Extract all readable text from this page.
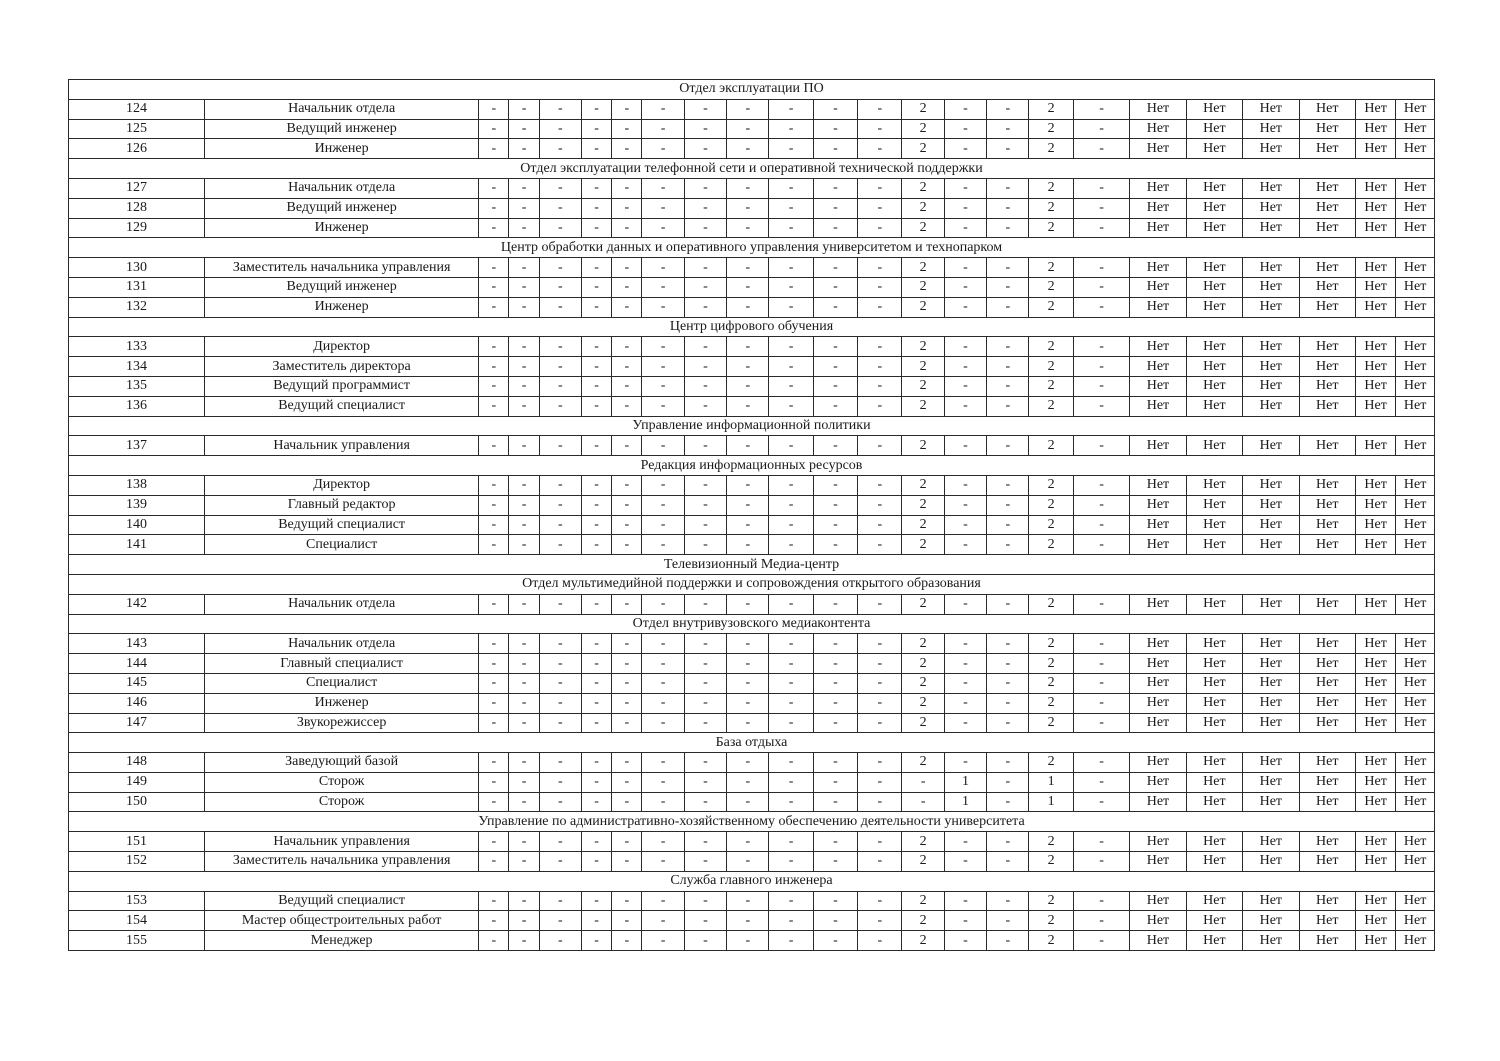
Отдел эксплуатации ПО																							
124	Начальник отдела	-	-	-	-	-	-	-	-	-	-	-	2	-	-	2	-	Нет	Нет	Нет	Нет	Нет	Нет
125	Ведущий инженер	-	-	-	-	-	-	-	-	-	-	-	2	-	-	2	-	Нет	Нет	Нет	Нет	Нет	Нет
126	Инженер	-	-	-	-	-	-	-	-	-	-	-	2	-	-	2	-	Нет	Нет	Нет	Нет	Нет	Нет
Отдел эксплуатации телефонной сети и оперативной технической поддержки																							
127	Начальник отдела	-	-	-	-	-	-	-	-	-	-	-	2	-	-	2	-	Нет	Нет	Нет	Нет	Нет	Нет
128	Ведущий инженер	-	-	-	-	-	-	-	-	-	-	-	2	-	-	2	-	Нет	Нет	Нет	Нет	Нет	Нет
129	Инженер	-	-	-	-	-	-	-	-	-	-	-	2	-	-	2	-	Нет	Нет	Нет	Нет	Нет	Нет
Центр обработки данных и оперативного управления университетом и технопарком																							
130	Заместитель начальника управления	-	-	-	-	-	-	-	-	-	-	-	2	-	-	2	-	Нет	Нет	Нет	Нет	Нет	Нет
131	Ведущий инженер	-	-	-	-	-	-	-	-	-	-	-	2	-	-	2	-	Нет	Нет	Нет	Нет	Нет	Нет
132	Инженер	-	-	-	-	-	-	-	-	-	-	-	2	-	-	2	-	Нет	Нет	Нет	Нет	Нет	Нет
Центр цифрового обучения																							
133	Директор	-	-	-	-	-	-	-	-	-	-	-	2	-	-	2	-	Нет	Нет	Нет	Нет	Нет	Нет
134	Заместитель директора	-	-	-	-	-	-	-	-	-	-	-	2	-	-	2	-	Нет	Нет	Нет	Нет	Нет	Нет
135	Ведущий программист	-	-	-	-	-	-	-	-	-	-	-	2	-	-	2	-	Нет	Нет	Нет	Нет	Нет	Нет
136	Ведущий специалист	-	-	-	-	-	-	-	-	-	-	-	2	-	-	2	-	Нет	Нет	Нет	Нет	Нет	Нет
Управление информационной политики																							
137	Начальник управления	-	-	-	-	-	-	-	-	-	-	-	2	-	-	2	-	Нет	Нет	Нет	Нет	Нет	Нет
Редакция информационных ресурсов																							
138	Директор	-	-	-	-	-	-	-	-	-	-	-	2	-	-	2	-	Нет	Нет	Нет	Нет	Нет	Нет
139	Главный редактор	-	-	-	-	-	-	-	-	-	-	-	2	-	-	2	-	Нет	Нет	Нет	Нет	Нет	Нет
140	Ведущий специалист	-	-	-	-	-	-	-	-	-	-	-	2	-	-	2	-	Нет	Нет	Нет	Нет	Нет	Нет
141	Специалист	-	-	-	-	-	-	-	-	-	-	-	2	-	-	2	-	Нет	Нет	Нет	Нет	Нет	Нет
Телевизионный Медиа-центр																							
Отдел мультимедийной поддержки и сопровождения открытого образования																							
142	Начальник отдела	-	-	-	-	-	-	-	-	-	-	-	2	-	-	2	-	Нет	Нет	Нет	Нет	Нет	Нет
Отдел внутривузовского медиаконтента																							
143	Начальник отдела	-	-	-	-	-	-	-	-	-	-	-	2	-	-	2	-	Нет	Нет	Нет	Нет	Нет	Нет
144	Главный специалист	-	-	-	-	-	-	-	-	-	-	-	2	-	-	2	-	Нет	Нет	Нет	Нет	Нет	Нет
145	Специалист	-	-	-	-	-	-	-	-	-	-	-	2	-	-	2	-	Нет	Нет	Нет	Нет	Нет	Нет
146	Инженер	-	-	-	-	-	-	-	-	-	-	-	2	-	-	2	-	Нет	Нет	Нет	Нет	Нет	Нет
147	Звукорежиссер	-	-	-	-	-	-	-	-	-	-	-	2	-	-	2	-	Нет	Нет	Нет	Нет	Нет	Нет
База отдыха																							
148	Заведующий базой	-	-	-	-	-	-	-	-	-	-	-	2	-	-	2	-	Нет	Нет	Нет	Нет	Нет	Нет
149	Сторож	-	-	-	-	-	-	-	-	-	-	-	-	1	-	1	-	Нет	Нет	Нет	Нет	Нет	Нет
150	Сторож	-	-	-	-	-	-	-	-	-	-	-	-	1	-	1	-	Нет	Нет	Нет	Нет	Нет	Нет
Управление по административно-хозяйственному обеспечению деятельности университета																							
151	Начальник управления	-	-	-	-	-	-	-	-	-	-	-	2	-	-	2	-	Нет	Нет	Нет	Нет	Нет	Нет
152	Заместитель начальника управления	-	-	-	-	-	-	-	-	-	-	-	2	-	-	2	-	Нет	Нет	Нет	Нет	Нет	Нет
Служба главного инженера																							
153	Ведущий специалист	-	-	-	-	-	-	-	-	-	-	-	2	-	-	2	-	Нет	Нет	Нет	Нет	Нет	Нет
154	Мастер общестроительных работ	-	-	-	-	-	-	-	-	-	-	-	2	-	-	2	-	Нет	Нет	Нет	Нет	Нет	Нет
155	Менеджер	-	-	-	-	-	-	-	-	-	-	-	2	-	-	2	-	Нет	Нет	Нет	Нет	Нет	Нет
